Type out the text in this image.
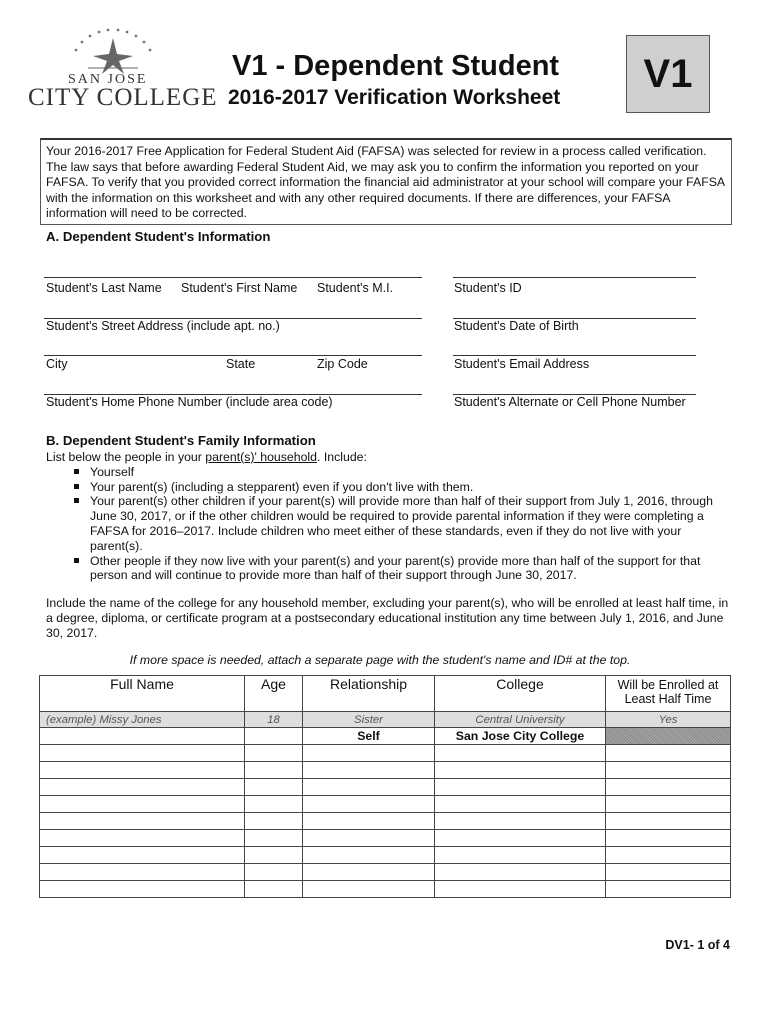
SAN JOSE
CITY COLLEGE
V1 - Dependent Student
2016-2017 Verification Worksheet
V1
Your 2016-2017 Free Application for Federal Student Aid (FAFSA) was selected for review in a process called verification. The law says that before awarding Federal Student Aid, we may ask you to confirm the information you reported on your FAFSA. To verify that you provided correct information the financial aid administrator at your school will compare your FAFSA with the information on this worksheet and with any other required documents. If there are differences, your FAFSA information will need to be corrected.
A. Dependent Student's Information
Student's Last Name Student's First Name Student's M.I.	Student's ID
Student's Street Address (include apt. no.)	Student's Date of Birth
City	State	Zip Code	Student's Email Address
Student's Home Phone Number (include area code)	Student's Alternate or Cell Phone Number
B. Dependent Student's Family Information
List below the people in your parent(s)' household. Include:
Yourself
Your parent(s) (including a stepparent) even if you don't live with them.
Your parent(s) other children if your parent(s) will provide more than half of their support from July 1, 2016, through June 30, 2017, or if the other children would be required to provide parental information if they were completing a FAFSA for 2016–2017. Include children who meet either of these standards, even if they do not live with your parent(s).
Other people if they now live with your parent(s) and your parent(s) provide more than half of the support for that person and will continue to provide more than half of their support through June 30, 2017.
Include the name of the college for any household member, excluding your parent(s), who will be enrolled at least half time, in a degree, diploma, or certificate program at a postsecondary educational institution any time between July 1, 2016, and June 30, 2017.
If more space is needed, attach a separate page with the student's name and ID# at the top.
Full Name	Age	Relationship	College	Will be Enrolled at Least Half Time
(example) Missy Jones	18	Sister	Central University	Yes
		Self	San Jose City College	

DV1- 1 of 4
